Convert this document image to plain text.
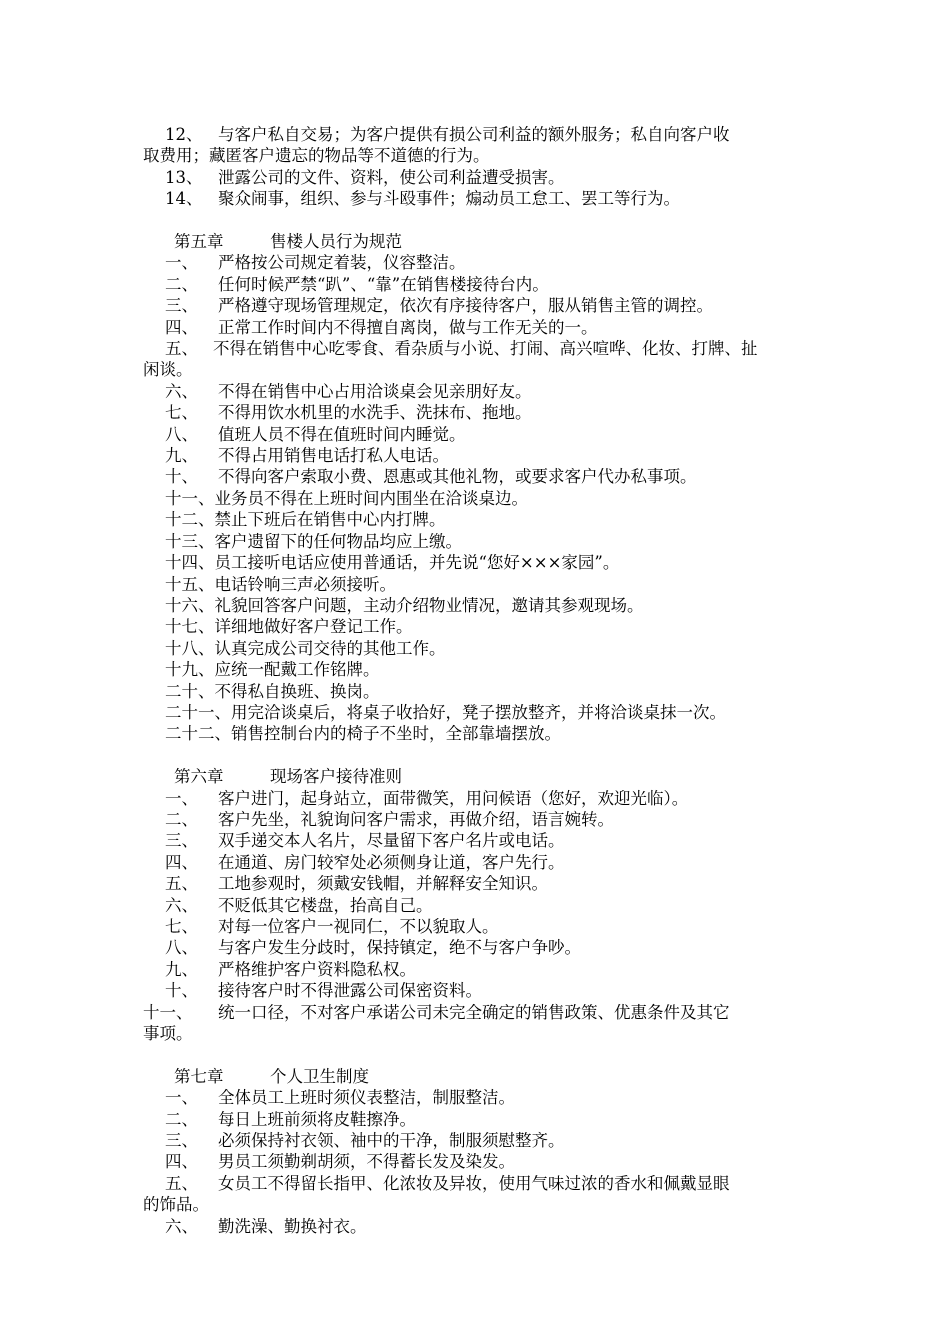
12、 与客户私自交易；为客户提供有损公司利益的额外服务；私自向客户收
取费用；藏匿客户遗忘的物品等不道德的行为。
13、 泄露公司的文件、资料，使公司利益遭受损害。
14、 聚众闹事，组织、参与斗殴事件；煽动员工怠工、罢工等行为。
第五章	售楼人员行为规范
一、 严格按公司规定着装，仪容整洁。
二、 任何时候严禁“趴”、“靠”在销售楼接待台内。
三、 严格遵守现场管理规定，依次有序接待客户，服从销售主管的调控。
四、 正常工作时间内不得擅自离岗，做与工作无关的一。
五、 不得在销售中心吃零食、看杂质与小说、打闹、高兴喧哗、化妆、打牌、扯
闲谈。
六、 不得在销售中心占用洽谈桌会见亲朋好友。
七、 不得用饮水机里的水洗手、洗抹布、拖地。
八、 值班人员不得在值班时间内睡觉。
九、 不得占用销售电话打私人电话。
十、 不得向客户索取小费、恩惠或其他礼物，或要求客户代办私事项。
十一、业务员不得在上班时间内围坐在洽谈桌边。
十二、禁止下班后在销售中心内打牌。
十三、客户遗留下的任何物品均应上缴。
十四、员工接听电话应使用普通话，并先说“您好×××家园”。
十五、电话铃响三声必须接听。
十六、礼貌回答客户问题，主动介绍物业情况，邀请其参观现场。
十七、详细地做好客户登记工作。
十八、认真完成公司交待的其他工作。
十九、应统一配戴工作铭牌。
二十、不得私自换班、换岗。
二十一、用完洽谈桌后，将桌子收拾好，凳子摆放整齐，并将洽谈桌抹一次。
二十二、销售控制台内的椅子不坐时，全部靠墙摆放。
第六章	现场客户接待准则
一、 客户进门，起身站立，面带微笑，用问候语（您好，欢迎光临）。
二、 客户先坐，礼貌询问客户需求，再做介绍，语言婉转。
三、 双手递交本人名片，尽量留下客户名片或电话。
四、 在通道、房门较窄处必须侧身让道，客户先行。
五、 工地参观时，须戴安钱帽，并解释安全知识。
六、 不贬低其它楼盘，抬高自己。
七、 对每一位客户一视同仁，不以貌取人。
八、 与客户发生分歧时，保持镇定，绝不与客户争吵。
九、 严格维护客户资料隐私权。
十、 接待客户时不得泄露公司保密资料。
十一、 统一口径，不对客户承诺公司未完全确定的销售政策、优惠条件及其它
事项。
第七章	个人卫生制度
一、 全体员工上班时须仪表整洁，制服整洁。
二、 每日上班前须将皮鞋擦净。
三、 必须保持衬衣领、袖中的干净，制服须慰整齐。
四、 男员工须勤剃胡须，不得蓄长发及染发。
五、 女员工不得留长指甲、化浓妆及异妆，使用气味过浓的香水和佩戴显眼
的饰品。
六、 勤洗澡、勤换衬衣。
